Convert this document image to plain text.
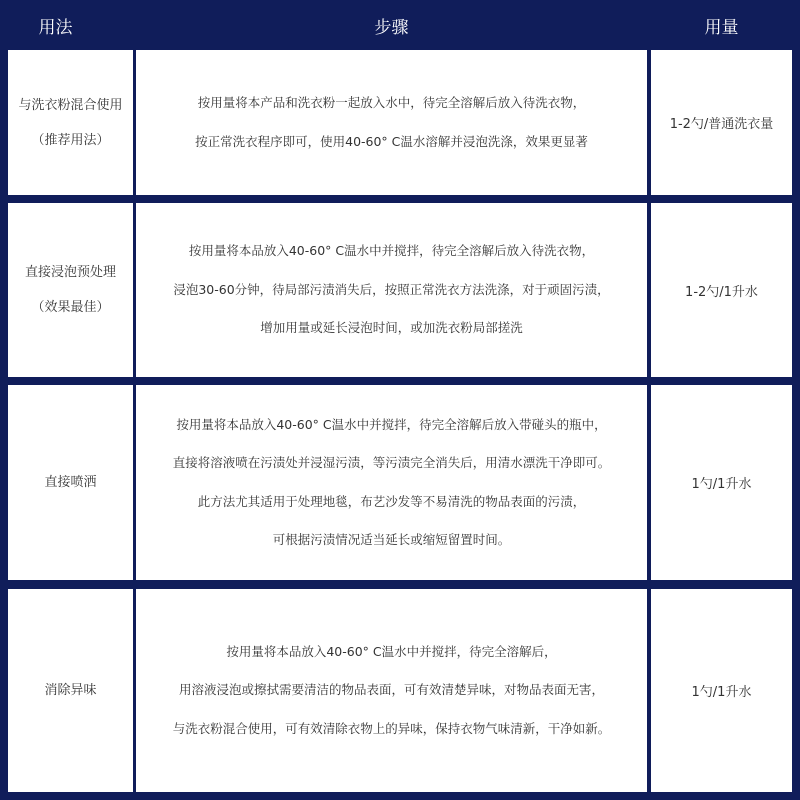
用法	步骤	用量
与洗衣粉混合使用
（推荐用法）
按用量将本产品和洗衣粉一起放入水中，待完全溶解后放入待洗衣物，
按正常洗衣程序即可，使用40-60° C温水溶解并浸泡洗涤，效果更显著
1-2勺/普通洗衣量
直接浸泡预处理
（效果最佳）
按用量将本品放入40-60° C温水中并搅拌，待完全溶解后放入待洗衣物，
浸泡30-60分钟，待局部污渍消失后，按照正常洗衣方法洗涤，对于顽固污渍，
增加用量或延长浸泡时间，或加洗衣粉局部搓洗
1-2勺/1升水
直接喷洒
按用量将本品放入40-60° C温水中并搅拌，待完全溶解后放入带碰头的瓶中，
直接将溶液喷在污渍处并浸湿污渍，等污渍完全消失后，用清水漂洗干净即可。
此方法尤其适用于处理地毯，布艺沙发等不易清洗的物品表面的污渍，
可根据污渍情况适当延长或缩短留置时间。
1勺/1升水
消除异味
按用量将本品放入40-60° C温水中并搅拌，待完全溶解后，
用溶液浸泡或擦拭需要清洁的物品表面，可有效清楚异味，对物品表面无害，
与洗衣粉混合使用，可有效清除衣物上的异味，保持衣物气味清新，干净如新。
1勺/1升水
